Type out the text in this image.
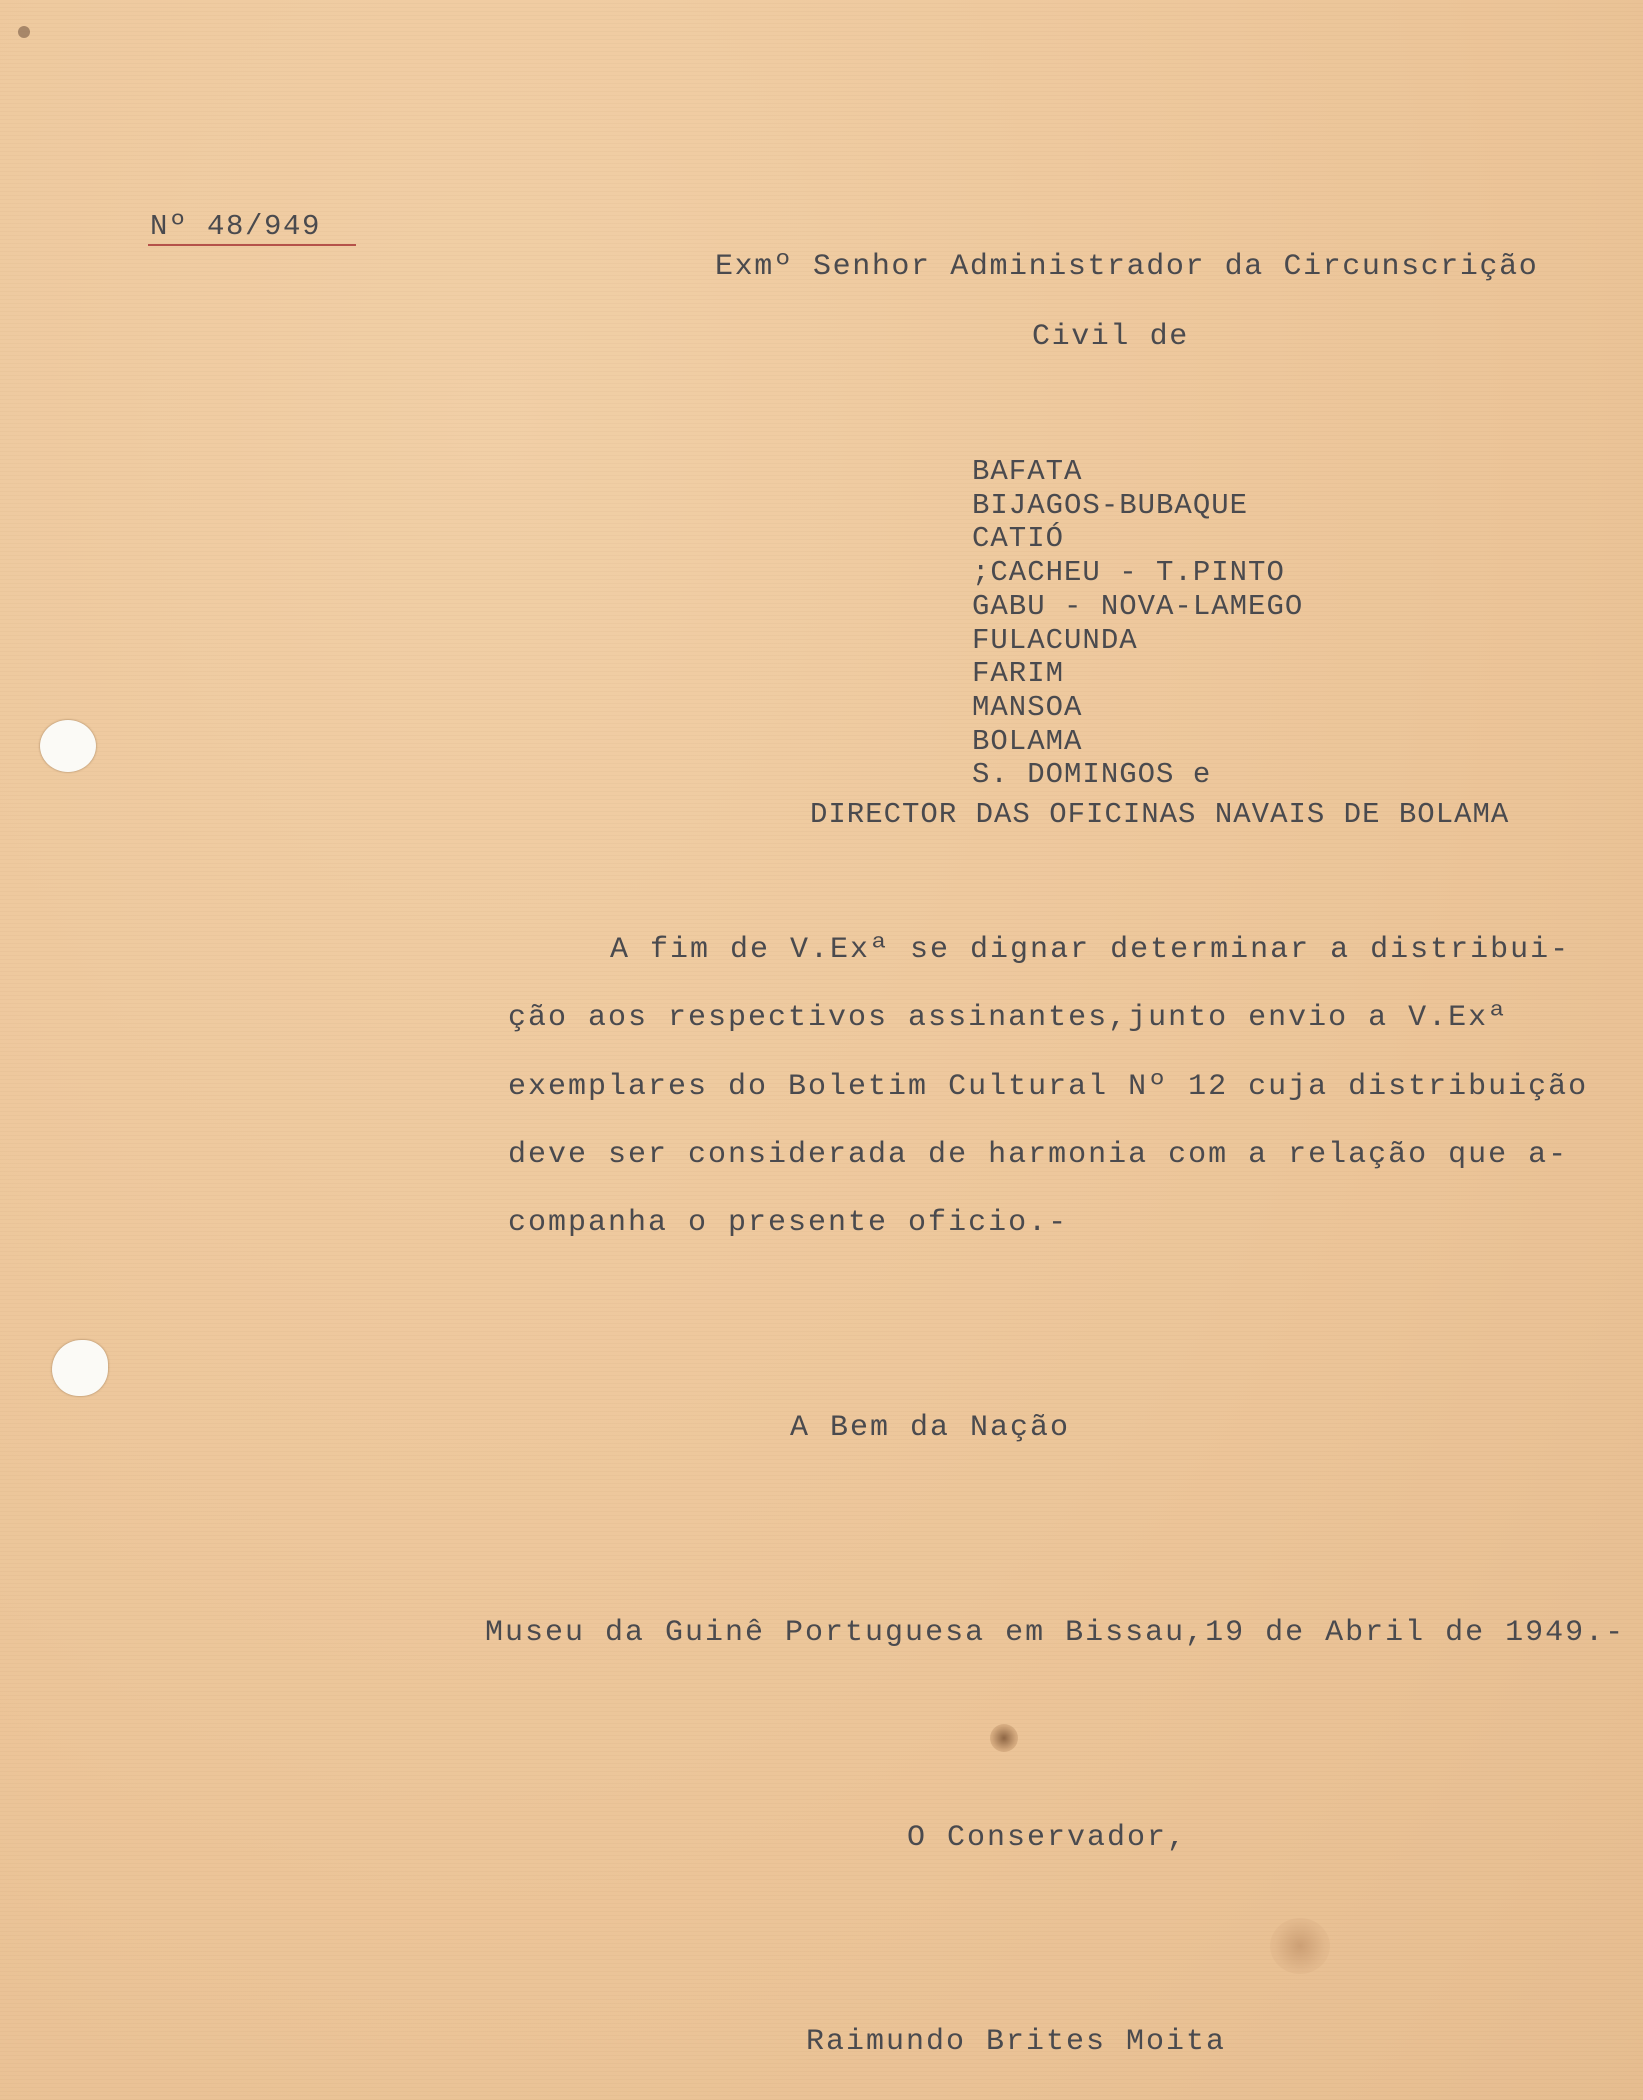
Nº 48/949
Exmº Senhor Administrador da Circunscrição
Civil de
BAFATA
BIJAGOS-BUBAQUE
CATIÓ
;CACHEU - T.PINTO
GABU - NOVA-LAMEGO
FULACUNDA
FARIM
MANSOA
BOLAMA
S. DOMINGOS e
DIRECTOR DAS OFICINAS NAVAIS DE BOLAMA
A fim de V.Exª se dignar determinar a distribui-
ção aos respectivos assinantes,junto envio a V.Exª
exemplares do Boletim Cultural Nº 12 cuja distribuição
deve ser considerada de harmonia com a relação que a-
companha o presente oficio.-
A Bem da Nação
Museu da Guinê Portuguesa em Bissau,19 de Abril de 1949.-
O Conservador,
Raimundo Brites Moita
